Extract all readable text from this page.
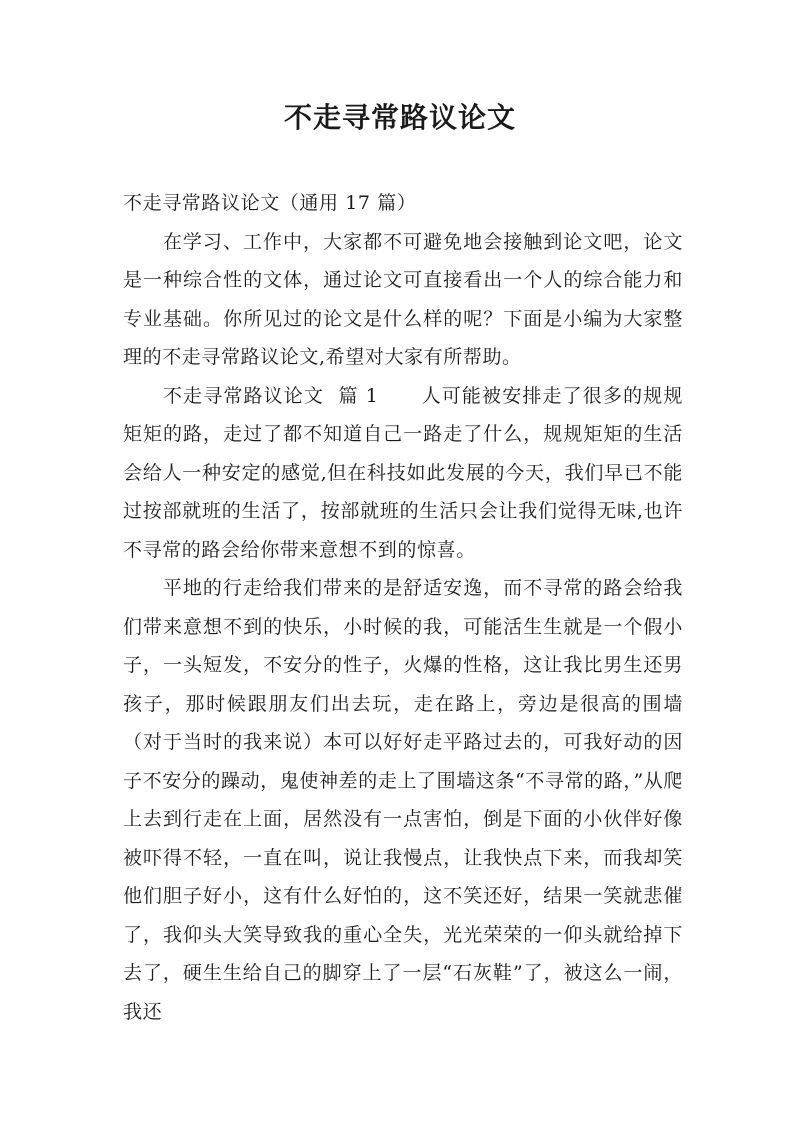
不走寻常路议论文

不走寻常路议论文（通用 17 篇）

在学习、工作中，大家都不可避免地会接触到论文吧，论文是一种综合性的文体，通过论文可直接看出一个人的综合能力和专业基础。你所见过的论文是什么样的呢？下面是小编为大家整理的不走寻常路议论文,希望对大家有所帮助。

不走寻常路议论文  篇 1      人可能被安排走了很多的规规矩矩的路，走过了都不知道自己一路走了什么，规规矩矩的生活会给人一种安定的感觉,但在科技如此发展的今天，我们早已不能过按部就班的生活了，按部就班的生活只会让我们觉得无味,也许不寻常的路会给你带来意想不到的惊喜。

平地的行走给我们带来的是舒适安逸，而不寻常的路会给我们带来意想不到的快乐，小时候的我，可能活生生就是一个假小子，一头短发，不安分的性子，火爆的性格，这让我比男生还男孩子，那时候跟朋友们出去玩，走在路上，旁边是很高的围墙（对于当时的我来说）本可以好好走平路过去的，可我好动的因子不安分的躁动，鬼使神差的走上了围墙这条“不寻常的路，”从爬上去到行走在上面，居然没有一点害怕，倒是下面的小伙伴好像被吓得不轻，一直在叫，说让我慢点，让我快点下来，而我却笑他们胆子好小，这有什么好怕的，这不笑还好，结果一笑就悲催了，我仰头大笑导致我的重心全失，光光荣荣的一仰头就给掉下去了，硬生生给自己的脚穿上了一层“石灰鞋”了，被这么一闹，我还
